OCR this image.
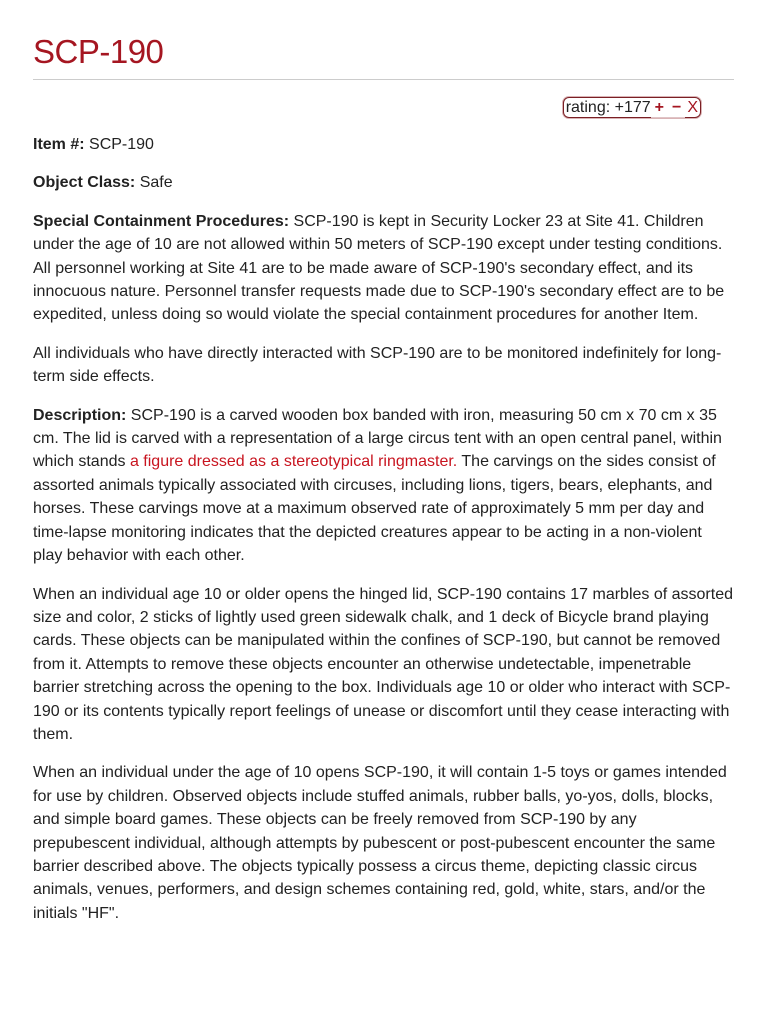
SCP-190
rating: +177 + − X

Item #: SCP-190

Object Class: Safe

Special Containment Procedures: SCP-190 is kept in Security Locker 23 at Site 41. Children under the age of 10 are not allowed within 50 meters of SCP-190 except under testing conditions. All personnel working at Site 41 are to be made aware of SCP-190's secondary effect, and its innocuous nature. Personnel transfer requests made due to SCP-190's secondary effect are to be expedited, unless doing so would violate the special containment procedures for another Item.

All individuals who have directly interacted with SCP-190 are to be monitored indefinitely for long-term side effects.

Description: SCP-190 is a carved wooden box banded with iron, measuring 50 cm x 70 cm x 35 cm. The lid is carved with a representation of a large circus tent with an open central panel, within which stands a figure dressed as a stereotypical ringmaster. The carvings on the sides consist of assorted animals typically associated with circuses, including lions, tigers, bears, elephants, and horses. These carvings move at a maximum observed rate of approximately 5 mm per day and time-lapse monitoring indicates that the depicted creatures appear to be acting in a non-violent play behavior with each other.

When an individual age 10 or older opens the hinged lid, SCP-190 contains 17 marbles of assorted size and color, 2 sticks of lightly used green sidewalk chalk, and 1 deck of Bicycle brand playing cards. These objects can be manipulated within the confines of SCP-190, but cannot be removed from it. Attempts to remove these objects encounter an otherwise undetectable, impenetrable barrier stretching across the opening to the box. Individuals age 10 or older who interact with SCP-190 or its contents typically report feelings of unease or discomfort until they cease interacting with them.

When an individual under the age of 10 opens SCP-190, it will contain 1-5 toys or games intended for use by children. Observed objects include stuffed animals, rubber balls, yo-yos, dolls, blocks, and simple board games. These objects can be freely removed from SCP-190 by any prepubescent individual, although attempts by pubescent or post-pubescent encounter the same barrier described above. The objects typically possess a circus theme, depicting classic circus animals, venues, performers, and design schemes containing red, gold, white, stars, and/or the initials "HF".
